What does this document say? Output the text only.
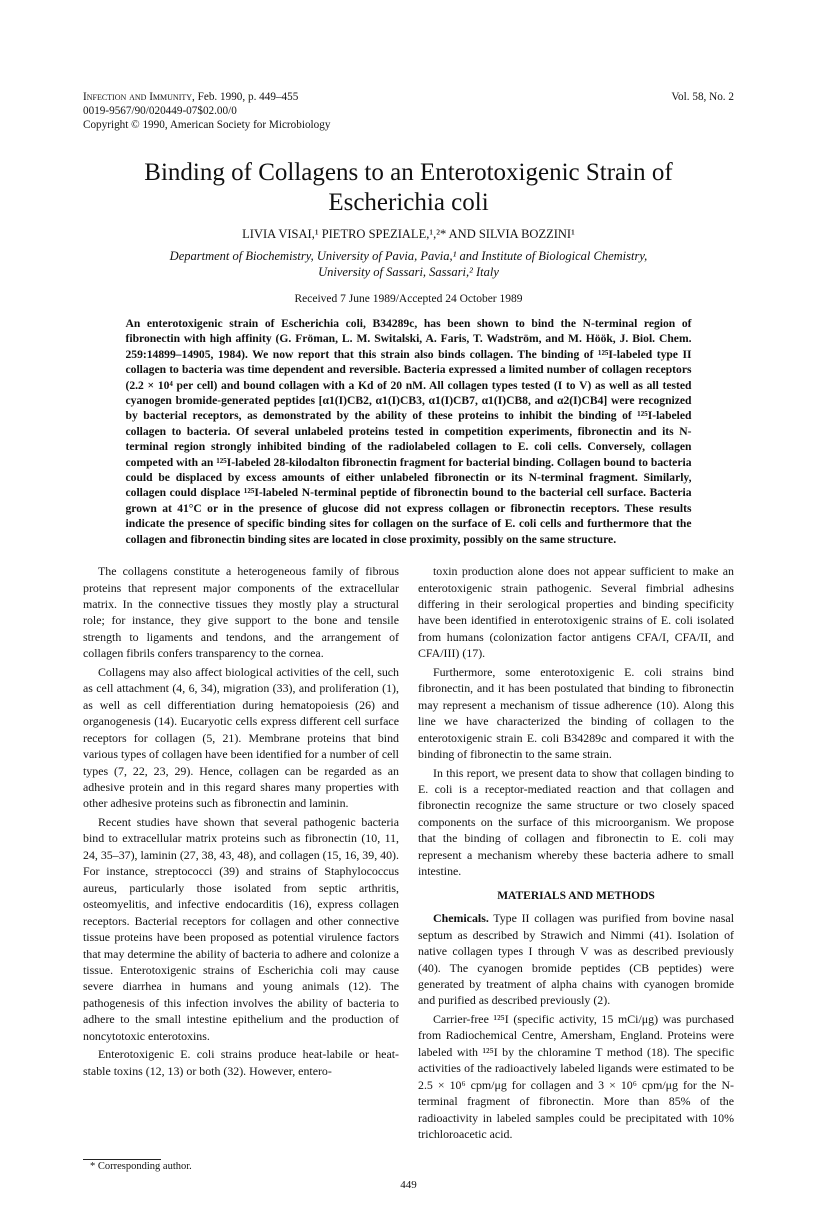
Infection and Immunity, Feb. 1990, p. 449–455
0019-9567/90/020449-07$02.00/0
Copyright © 1990, American Society for Microbiology
Vol. 58, No. 2
Binding of Collagens to an Enterotoxigenic Strain of Escherichia coli
LIVIA VISAI,¹ PIETRO SPEZIALE,¹,²* AND SILVIA BOZZINI¹
Department of Biochemistry, University of Pavia, Pavia,¹ and Institute of Biological Chemistry,
University of Sassari, Sassari,² Italy
Received 7 June 1989/Accepted 24 October 1989

An enterotoxigenic strain of Escherichia coli, B34289c, has been shown to bind the N-terminal region of fibronectin with high affinity (G. Fröman, L. M. Switalski, A. Faris, T. Wadström, and M. Höök, J. Biol. Chem. 259:14899–14905, 1984). We now report that this strain also binds collagen. The binding of ¹²⁵I-labeled type II collagen to bacteria was time dependent and reversible. Bacteria expressed a limited number of collagen receptors (2.2 × 10⁴ per cell) and bound collagen with a Kd of 20 nM. All collagen types tested (I to V) as well as all tested cyanogen bromide-generated peptides [α1(I)CB2, α1(I)CB3, α1(I)CB7, α1(I)CB8, and α2(I)CB4] were recognized by bacterial receptors, as demonstrated by the ability of these proteins to inhibit the binding of ¹²⁵I-labeled collagen to bacteria. Of several unlabeled proteins tested in competition experiments, fibronectin and its N-terminal region strongly inhibited binding of the radiolabeled collagen to E. coli cells. Conversely, collagen competed with an ¹²⁵I-labeled 28-kilodalton fibronectin fragment for bacterial binding. Collagen bound to bacteria could be displaced by excess amounts of either unlabeled fibronectin or its N-terminal fragment. Similarly, collagen could displace ¹²⁵I-labeled N-terminal peptide of fibronectin bound to the bacterial cell surface. Bacteria grown at 41°C or in the presence of glucose did not express collagen or fibronectin receptors. These results indicate the presence of specific binding sites for collagen on the surface of E. coli cells and furthermore that the collagen and fibronectin binding sites are located in close proximity, possibly on the same structure.

The collagens constitute a heterogeneous family of fibrous proteins that represent major components of the extracellular matrix. In the connective tissues they mostly play a structural role; for instance, they give support to the bone and tensile strength to ligaments and tendons, and the arrangement of collagen fibrils confers transparency to the cornea.

Collagens may also affect biological activities of the cell, such as cell attachment (4, 6, 34), migration (33), and proliferation (1), as well as cell differentiation during hematopoiesis (26) and organogenesis (14). Eucaryotic cells express different cell surface receptors for collagen (5, 21). Membrane proteins that bind various types of collagen have been identified for a number of cell types (7, 22, 23, 29). Hence, collagen can be regarded as an adhesive protein and in this regard shares many properties with other adhesive proteins such as fibronectin and laminin.

Recent studies have shown that several pathogenic bacteria bind to extracellular matrix proteins such as fibronectin (10, 11, 24, 35–37), laminin (27, 38, 43, 48), and collagen (15, 16, 39, 40). For instance, streptococci (39) and strains of Staphylococcus aureus, particularly those isolated from septic arthritis, osteomyelitis, and infective endocarditis (16), express collagen receptors. Bacterial receptors for collagen and other connective tissue proteins have been proposed as potential virulence factors that may determine the ability of bacteria to adhere and colonize a tissue. Enterotoxigenic strains of Escherichia coli may cause severe diarrhea in humans and young animals (12). The pathogenesis of this infection involves the ability of bacteria to adhere to the small intestine epithelium and the production of noncytotoxic enterotoxins.

Enterotoxigenic E. coli strains produce heat-labile or heat-stable toxins (12, 13) or both (32). However, entero-

toxin production alone does not appear sufficient to make an enterotoxigenic strain pathogenic. Several fimbrial adhesins differing in their serological properties and binding specificity have been identified in enterotoxigenic strains of E. coli isolated from humans (colonization factor antigens CFA/I, CFA/II, and CFA/III) (17).

Furthermore, some enterotoxigenic E. coli strains bind fibronectin, and it has been postulated that binding to fibronectin may represent a mechanism of tissue adherence (10). Along this line we have characterized the binding of collagen to the enterotoxigenic strain E. coli B34289c and compared it with the binding of fibronectin to the same strain.

In this report, we present data to show that collagen binding to E. coli is a receptor-mediated reaction and that collagen and fibronectin recognize the same structure or two closely spaced components on the surface of this microorganism. We propose that the binding of collagen and fibronectin to E. coli may represent a mechanism whereby these bacteria adhere to small intestine.

MATERIALS AND METHODS

Chemicals. Type II collagen was purified from bovine nasal septum as described by Strawich and Nimmi (41). Isolation of native collagen types I through V was as described previously (40). The cyanogen bromide peptides (CB peptides) were generated by treatment of alpha chains with cyanogen bromide and purified as described previously (2).

Carrier-free ¹²⁵I (specific activity, 15 mCi/μg) was purchased from Radiochemical Centre, Amersham, England. Proteins were labeled with ¹²⁵I by the chloramine T method (18). The specific activities of the radioactively labeled ligands were estimated to be 2.5 × 10⁶ cpm/μg for collagen and 3 × 10⁶ cpm/μg for the N-terminal fragment of fibronectin. More than 85% of the radioactivity in labeled samples could be precipitated with 10% trichloroacetic acid.

* Corresponding author.
449
